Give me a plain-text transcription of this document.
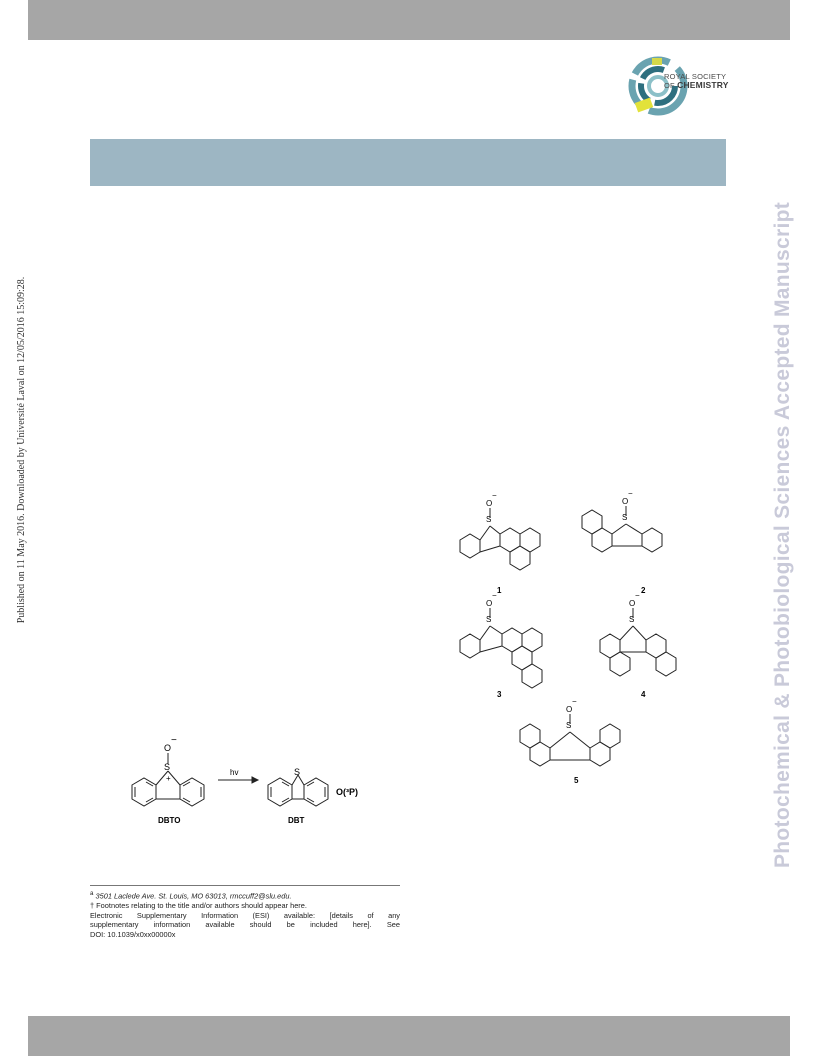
ROYAL SOCIETY
OF CHEMISTRY
Published on 11 May 2016. Downloaded by Université Laval on 12/05/2016 15:09:28.	Photochemical & Photobiological Sciences Accepted Manuscript
S
O
−
+
hv	S
O(³P)
DBTO	DBT
S
O
−
S
O
−
S
O
−
S
O
−
S
O
−
1	2
3	4
5

$^a$ 3501 Laclede Ave. St. Louis, MO 63013, rmccuff2@slu.edu.

† Footnotes relating to the title and/or authors should appear here.

Electronic Supplementary Information (ESI) available: [details of any

supplementary information available should be included here]. See

DOI: 10.1039/x0xx00000x
